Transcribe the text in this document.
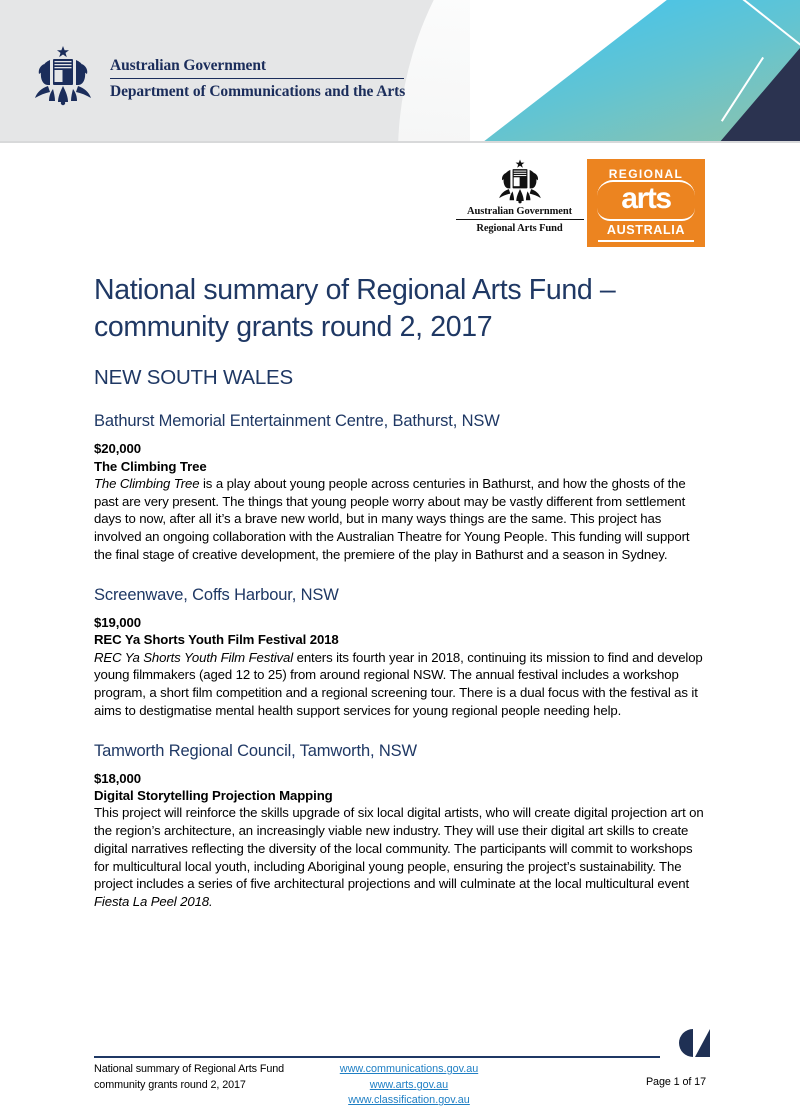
Australian Government
Department of Communications and the Arts
Australian Government
Regional Arts Fund
REGIONAL
arts
AUSTRALIA
National summary of Regional Arts Fund – community grants round 2, 2017
NEW SOUTH WALES
Bathurst Memorial Entertainment Centre, Bathurst, NSW
$20,000
The Climbing Tree

The Climbing Tree is a play about young people across centuries in Bathurst, and how the ghosts of the past are very present. The things that young people worry about may be vastly different from settlement days to now, after all it’s a brave new world, but in many ways things are the same. This project has involved an ongoing collaboration with the Australian Theatre for Young People. This funding will support the final stage of creative development, the premiere of the play in Bathurst and a season in Sydney.

Screenwave, Coffs Harbour, NSW
$19,000
REC Ya Shorts Youth Film Festival 2018

REC Ya Shorts Youth Film Festival enters its fourth year in 2018, continuing its mission to find and develop young filmmakers (aged 12 to 25) from around regional NSW. The annual festival includes a workshop program, a short film competition and a regional screening tour. There is a dual focus with the festival as it aims to destigmatise mental health support services for young regional people needing help.

Tamworth Regional Council, Tamworth, NSW
$18,000
Digital Storytelling Projection Mapping

This project will reinforce the skills upgrade of six local digital artists, who will create digital projection art on the region’s architecture, an increasingly viable new industry. They will use their digital art skills to create digital narratives reflecting the diversity of the local community. The participants will commit to workshops for multicultural local youth, including Aboriginal young people, ensuring the project’s sustainability. The project includes a series of five architectural projections and will culminate at the local multicultural event Fiesta La Peel 2018.

National summary of Regional Arts Fund
community grants round 2, 2017
www.communications.gov.au
www.arts.gov.au
www.classification.gov.au
Page 1 of 17
